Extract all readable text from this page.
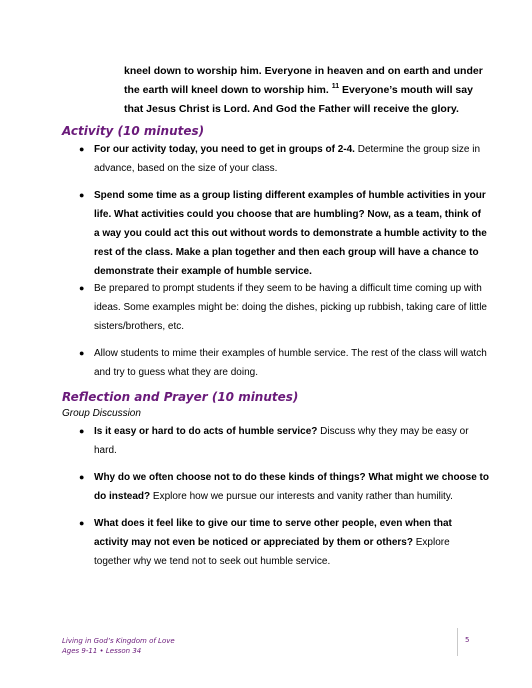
kneel down to worship him. Everyone in heaven and on earth and under the earth will kneel down to worship him. $^{11}$ Everyone’s mouth will say that Jesus Christ is Lord. And God the Father will receive the glory.
Activity (10 minutes)
● For our activity today, you need to get in groups of 2-4. Determine the group size in advance, based on the size of your class.
● Spend some time as a group listing different examples of humble activities in your life. What activities could you choose that are humbling? Now, as a team, think of a way you could act this out without words to demonstrate a humble activity to the rest of the class. Make a plan together and then each group will have a chance to demonstrate their example of humble service.
● Be prepared to prompt students if they seem to be having a difficult time coming up with ideas. Some examples might be: doing the dishes, picking up rubbish, taking care of little sisters/brothers, etc.
● Allow students to mime their examples of humble service. The rest of the class will watch and try to guess what they are doing.
Reflection and Prayer (10 minutes)
Group Discussion
● Is it easy or hard to do acts of humble service? Discuss why they may be easy or hard.
● Why do we often choose not to do these kinds of things? What might we choose to do instead? Explore how we pursue our interests and vanity rather than humility.
● What does it feel like to give our time to serve other people, even when that activity may not even be noticed or appreciated by them or others? Explore together why we tend not to seek out humble service.
Living in God’s Kingdom of Love
Ages 9-11 • Lesson 34
5
